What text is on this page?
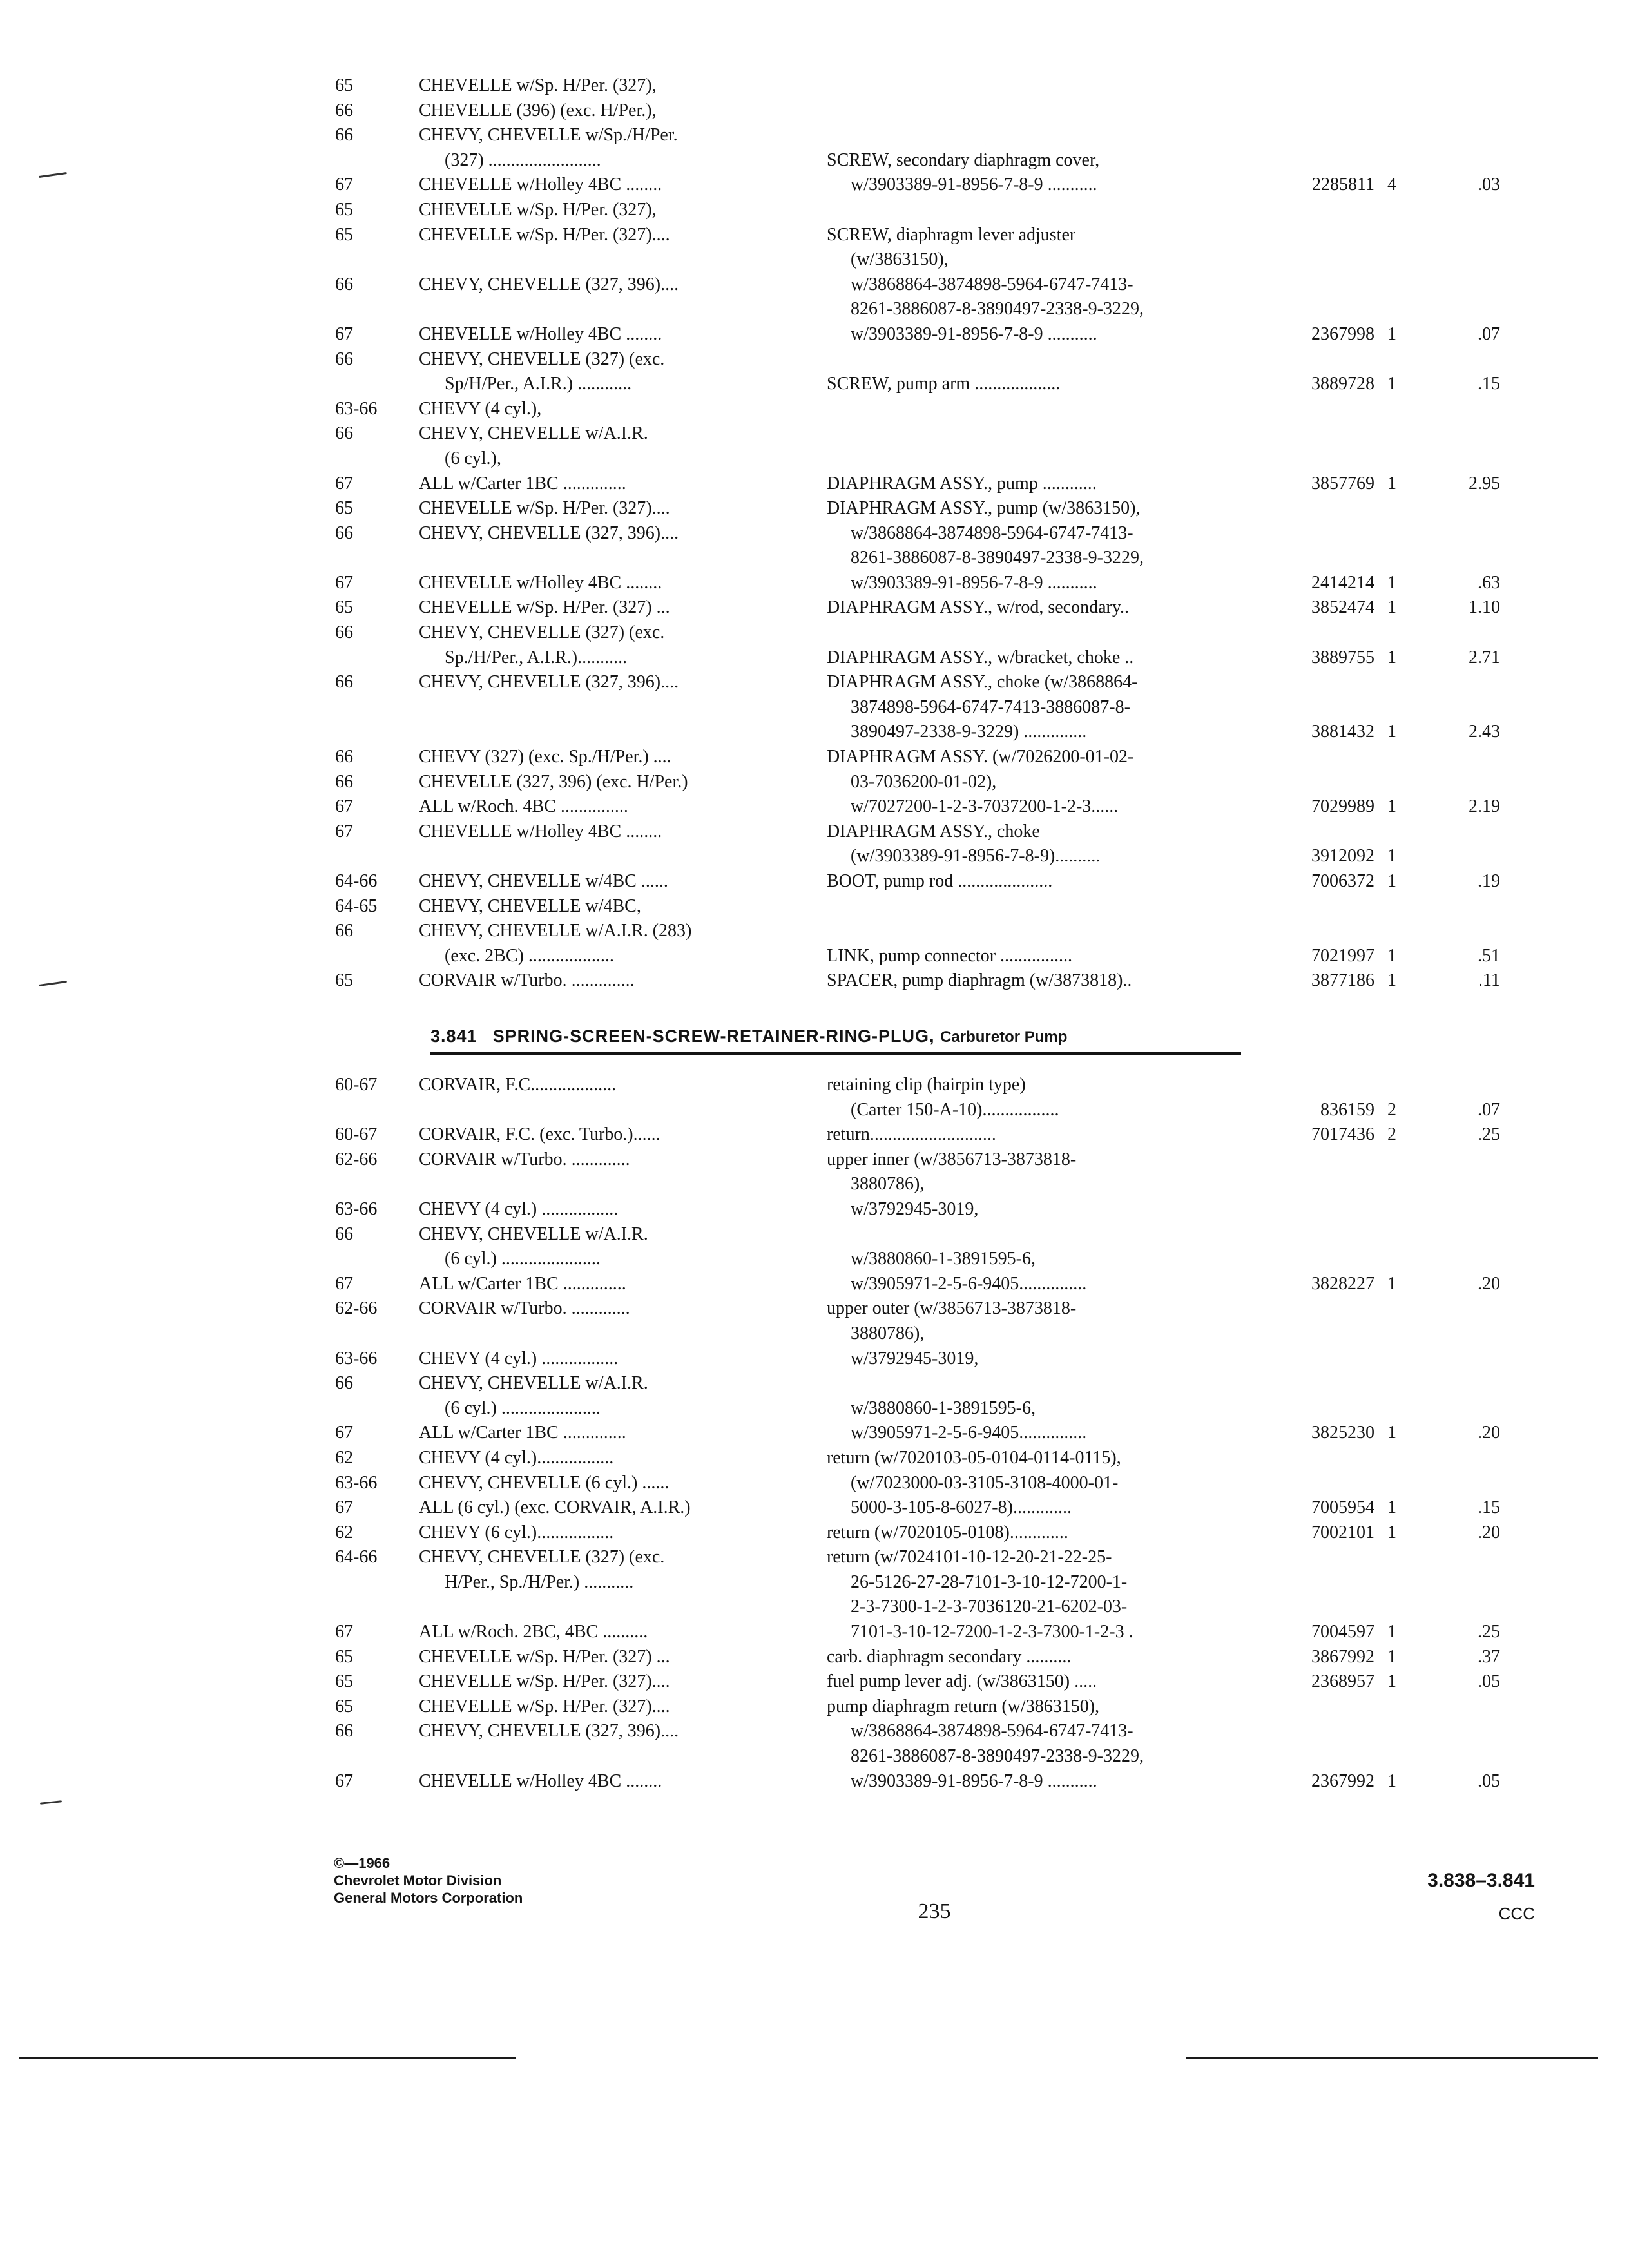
65	CHEVELLE w/Sp. H/Per. (327),
66	CHEVELLE (396) (exc. H/Per.),
66	CHEVY, CHEVELLE w/Sp./H/Per.
(327) .........................	SCREW, secondary diaphragm cover,
67	CHEVELLE w/Holley 4BC ........	w/3903389-91-8956-7-8-9 ...........	2285811 4	.03
65	CHEVELLE w/Sp. H/Per. (327),
65	CHEVELLE w/Sp. H/Per. (327)....	SCREW, diaphragm lever adjuster
(w/3863150),
66	CHEVY, CHEVELLE (327, 396)....	w/3868864-3874898-5964-6747-7413-
8261-3886087-8-3890497-2338-9-3229,
67	CHEVELLE w/Holley 4BC ........	w/3903389-91-8956-7-8-9 ...........	2367998 1	.07
66	CHEVY, CHEVELLE (327) (exc.
Sp/H/Per., A.I.R.) ............	SCREW, pump arm ...................	3889728 1	.15
63-66	CHEVY (4 cyl.),
66	CHEVY, CHEVELLE w/A.I.R.
(6 cyl.),
67	ALL w/Carter 1BC ..............	DIAPHRAGM ASSY., pump ............	3857769 1	2.95
65	CHEVELLE w/Sp. H/Per. (327)....	DIAPHRAGM ASSY., pump (w/3863150),
66	CHEVY, CHEVELLE (327, 396)....	w/3868864-3874898-5964-6747-7413-
8261-3886087-8-3890497-2338-9-3229,
67	CHEVELLE w/Holley 4BC ........	w/3903389-91-8956-7-8-9 ...........	2414214 1	.63
65	CHEVELLE w/Sp. H/Per. (327) ...	DIAPHRAGM ASSY., w/rod, secondary..	3852474 1	1.10
66	CHEVY, CHEVELLE (327) (exc.
Sp./H/Per., A.I.R.)...........	DIAPHRAGM ASSY., w/bracket, choke ..	3889755 1	2.71
66	CHEVY, CHEVELLE (327, 396)....	DIAPHRAGM ASSY., choke (w/3868864-
3874898-5964-6747-7413-3886087-8-
3890497-2338-9-3229) ..............	3881432 1	2.43
66	CHEVY (327) (exc. Sp./H/Per.) ....	DIAPHRAGM ASSY. (w/7026200-01-02-
66	CHEVELLE (327, 396) (exc. H/Per.)	03-7036200-01-02),
67	ALL w/Roch. 4BC ...............	w/7027200-1-2-3-7037200-1-2-3......	7029989 1	2.19
67	CHEVELLE w/Holley 4BC ........	DIAPHRAGM ASSY., choke
(w/3903389-91-8956-7-8-9)..........	3912092 1
64-66	CHEVY, CHEVELLE w/4BC ......	BOOT, pump rod .....................	7006372 1	.19
64-65	CHEVY, CHEVELLE w/4BC,
66	CHEVY, CHEVELLE w/A.I.R. (283)
(exc. 2BC) ...................	LINK, pump connector ................	7021997 1	.51
65	CORVAIR w/Turbo. ..............	SPACER, pump diaphragm (w/3873818)..	3877186 1	.11
3.841 SPRING-SCREEN-SCREW-RETAINER-RING-PLUG, Carburetor Pump
60-67	CORVAIR, F.C...................	retaining clip (hairpin type)
(Carter 150-A-10).................	836159 2	.07
60-67	CORVAIR, F.C. (exc. Turbo.)......	return............................	7017436 2	.25
62-66	CORVAIR w/Turbo. .............	upper inner (w/3856713-3873818-
3880786),
63-66	CHEVY (4 cyl.) .................	w/3792945-3019,
66	CHEVY, CHEVELLE w/A.I.R.
(6 cyl.) ......................	w/3880860-1-3891595-6,
67	ALL w/Carter 1BC ..............	w/3905971-2-5-6-9405...............	3828227 1	.20
62-66	CORVAIR w/Turbo. .............	upper outer (w/3856713-3873818-
3880786),
63-66	CHEVY (4 cyl.) .................	w/3792945-3019,
66	CHEVY, CHEVELLE w/A.I.R.
(6 cyl.) ......................	w/3880860-1-3891595-6,
67	ALL w/Carter 1BC ..............	w/3905971-2-5-6-9405...............	3825230 1	.20
62	CHEVY (4 cyl.).................	return (w/7020103-05-0104-0114-0115),
63-66	CHEVY, CHEVELLE (6 cyl.) ......	(w/7023000-03-3105-3108-4000-01-
67	ALL (6 cyl.) (exc. CORVAIR, A.I.R.)	5000-3-105-8-6027-8).............	7005954 1	.15
62	CHEVY (6 cyl.).................	return (w/7020105-0108).............	7002101 1	.20
64-66	CHEVY, CHEVELLE (327) (exc.	return (w/7024101-10-12-20-21-22-25-
H/Per., Sp./H/Per.) ...........	26-5126-27-28-7101-3-10-12-7200-1-
2-3-7300-1-2-3-7036120-21-6202-03-
67	ALL w/Roch. 2BC, 4BC ..........	7101-3-10-12-7200-1-2-3-7300-1-2-3 .	7004597 1	.25
65	CHEVELLE w/Sp. H/Per. (327) ...	carb. diaphragm secondary ..........	3867992 1	.37
65	CHEVELLE w/Sp. H/Per. (327)....	fuel pump lever adj. (w/3863150) .....	2368957 1	.05
65	CHEVELLE w/Sp. H/Per. (327)....	pump diaphragm return (w/3863150),
66	CHEVY, CHEVELLE (327, 396)....	w/3868864-3874898-5964-6747-7413-
8261-3886087-8-3890497-2338-9-3229,
67	CHEVELLE w/Holley 4BC ........	w/3903389-91-8956-7-8-9 ...........	2367992 1	.05
©—1966
Chevrolet Motor Division
General Motors Corporation
235
3.838–3.841
CCC
